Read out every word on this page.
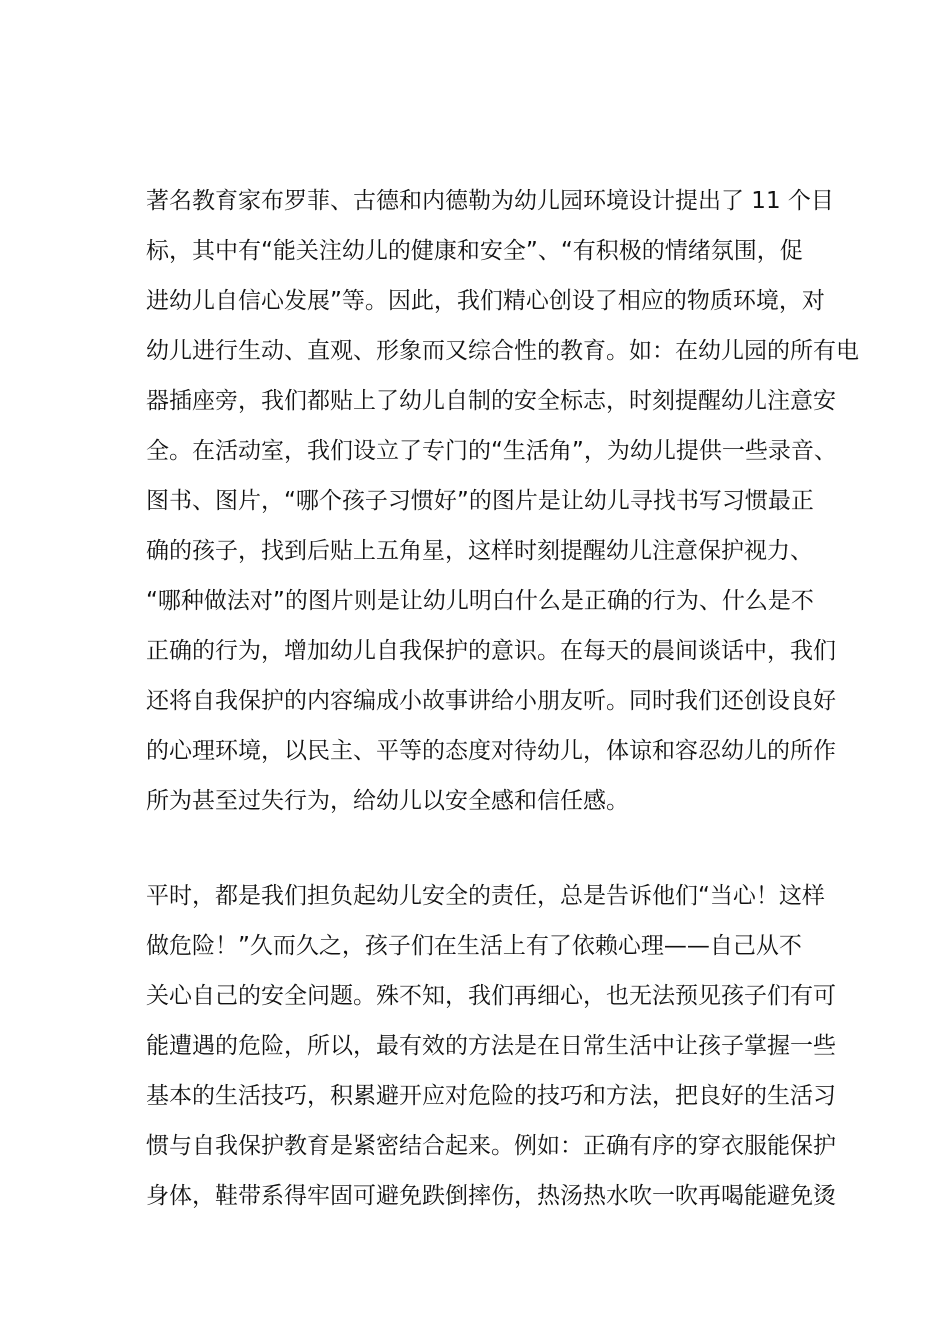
著名教育家布罗菲、古德和内德勒为幼儿园环境设计提出了 11 个目
标，其中有“能关注幼儿的健康和安全”、“有积极的情绪氛围，促
进幼儿自信心发展”等。因此，我们精心创设了相应的物质环境，对
幼儿进行生动、直观、形象而又综合性的教育。如：在幼儿园的所有电
器插座旁，我们都贴上了幼儿自制的安全标志，时刻提醒幼儿注意安
全。在活动室，我们设立了专门的“生活角”，为幼儿提供一些录音、
图书、图片，“哪个孩子习惯好”的图片是让幼儿寻找书写习惯最正
确的孩子，找到后贴上五角星，这样时刻提醒幼儿注意保护视力、
“哪种做法对”的图片则是让幼儿明白什么是正确的行为、什么是不
正确的行为，增加幼儿自我保护的意识。在每天的晨间谈话中，我们
还将自我保护的内容编成小故事讲给小朋友听。同时我们还创设良好
的心理环境，以民主、平等的态度对待幼儿，体谅和容忍幼儿的所作
所为甚至过失行为，给幼儿以安全感和信任感。
平时，都是我们担负起幼儿安全的责任，总是告诉他们“当心！这样
做危险！”久而久之，孩子们在生活上有了依赖心理——自己从不
关心自己的安全问题。殊不知，我们再细心，也无法预见孩子们有可
能遭遇的危险，所以，最有效的方法是在日常生活中让孩子掌握一些
基本的生活技巧，积累避开应对危险的技巧和方法，把良好的生活习
惯与自我保护教育是紧密结合起来。例如：正确有序的穿衣服能保护
身体，鞋带系得牢固可避免跌倒摔伤，热汤热水吹一吹再喝能避免烫
